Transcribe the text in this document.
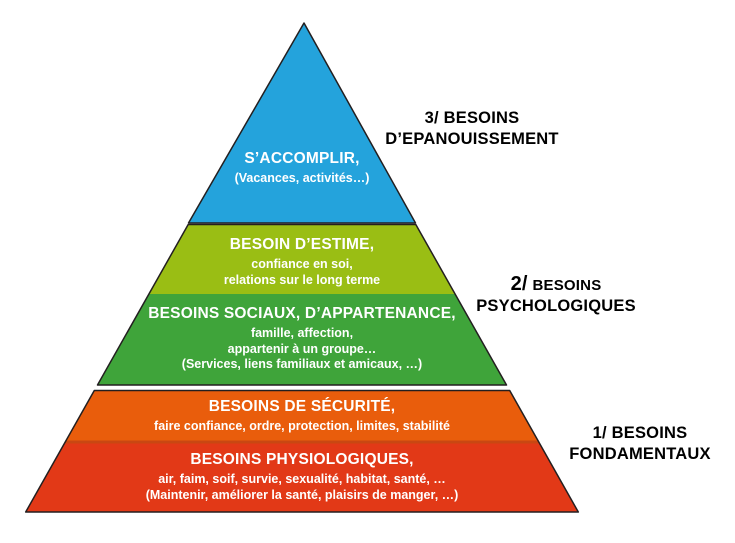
S’ACCOMPLIR,
(Vacances, activités…)
BESOIN D’ESTIME,
confiance en soi,
relations sur le long terme
BESOINS SOCIAUX, D’APPARTENANCE,
famille, affection,
appartenir à un groupe…
(Services, liens familiaux et amicaux, …)
BESOINS DE SÉCURITÉ,
faire confiance, ordre, protection, limites, stabilité
BESOINS PHYSIOLOGIQUES,
air, faim, soif, survie, sexualité, habitat, santé, …
(Maintenir, améliorer la santé, plaisirs de manger, …)
3/ BESOINS
D’EPANOUISSEMENT
2/ BESOINS
PSYCHOLOGIQUES
1/ BESOINS
FONDAMENTAUX
